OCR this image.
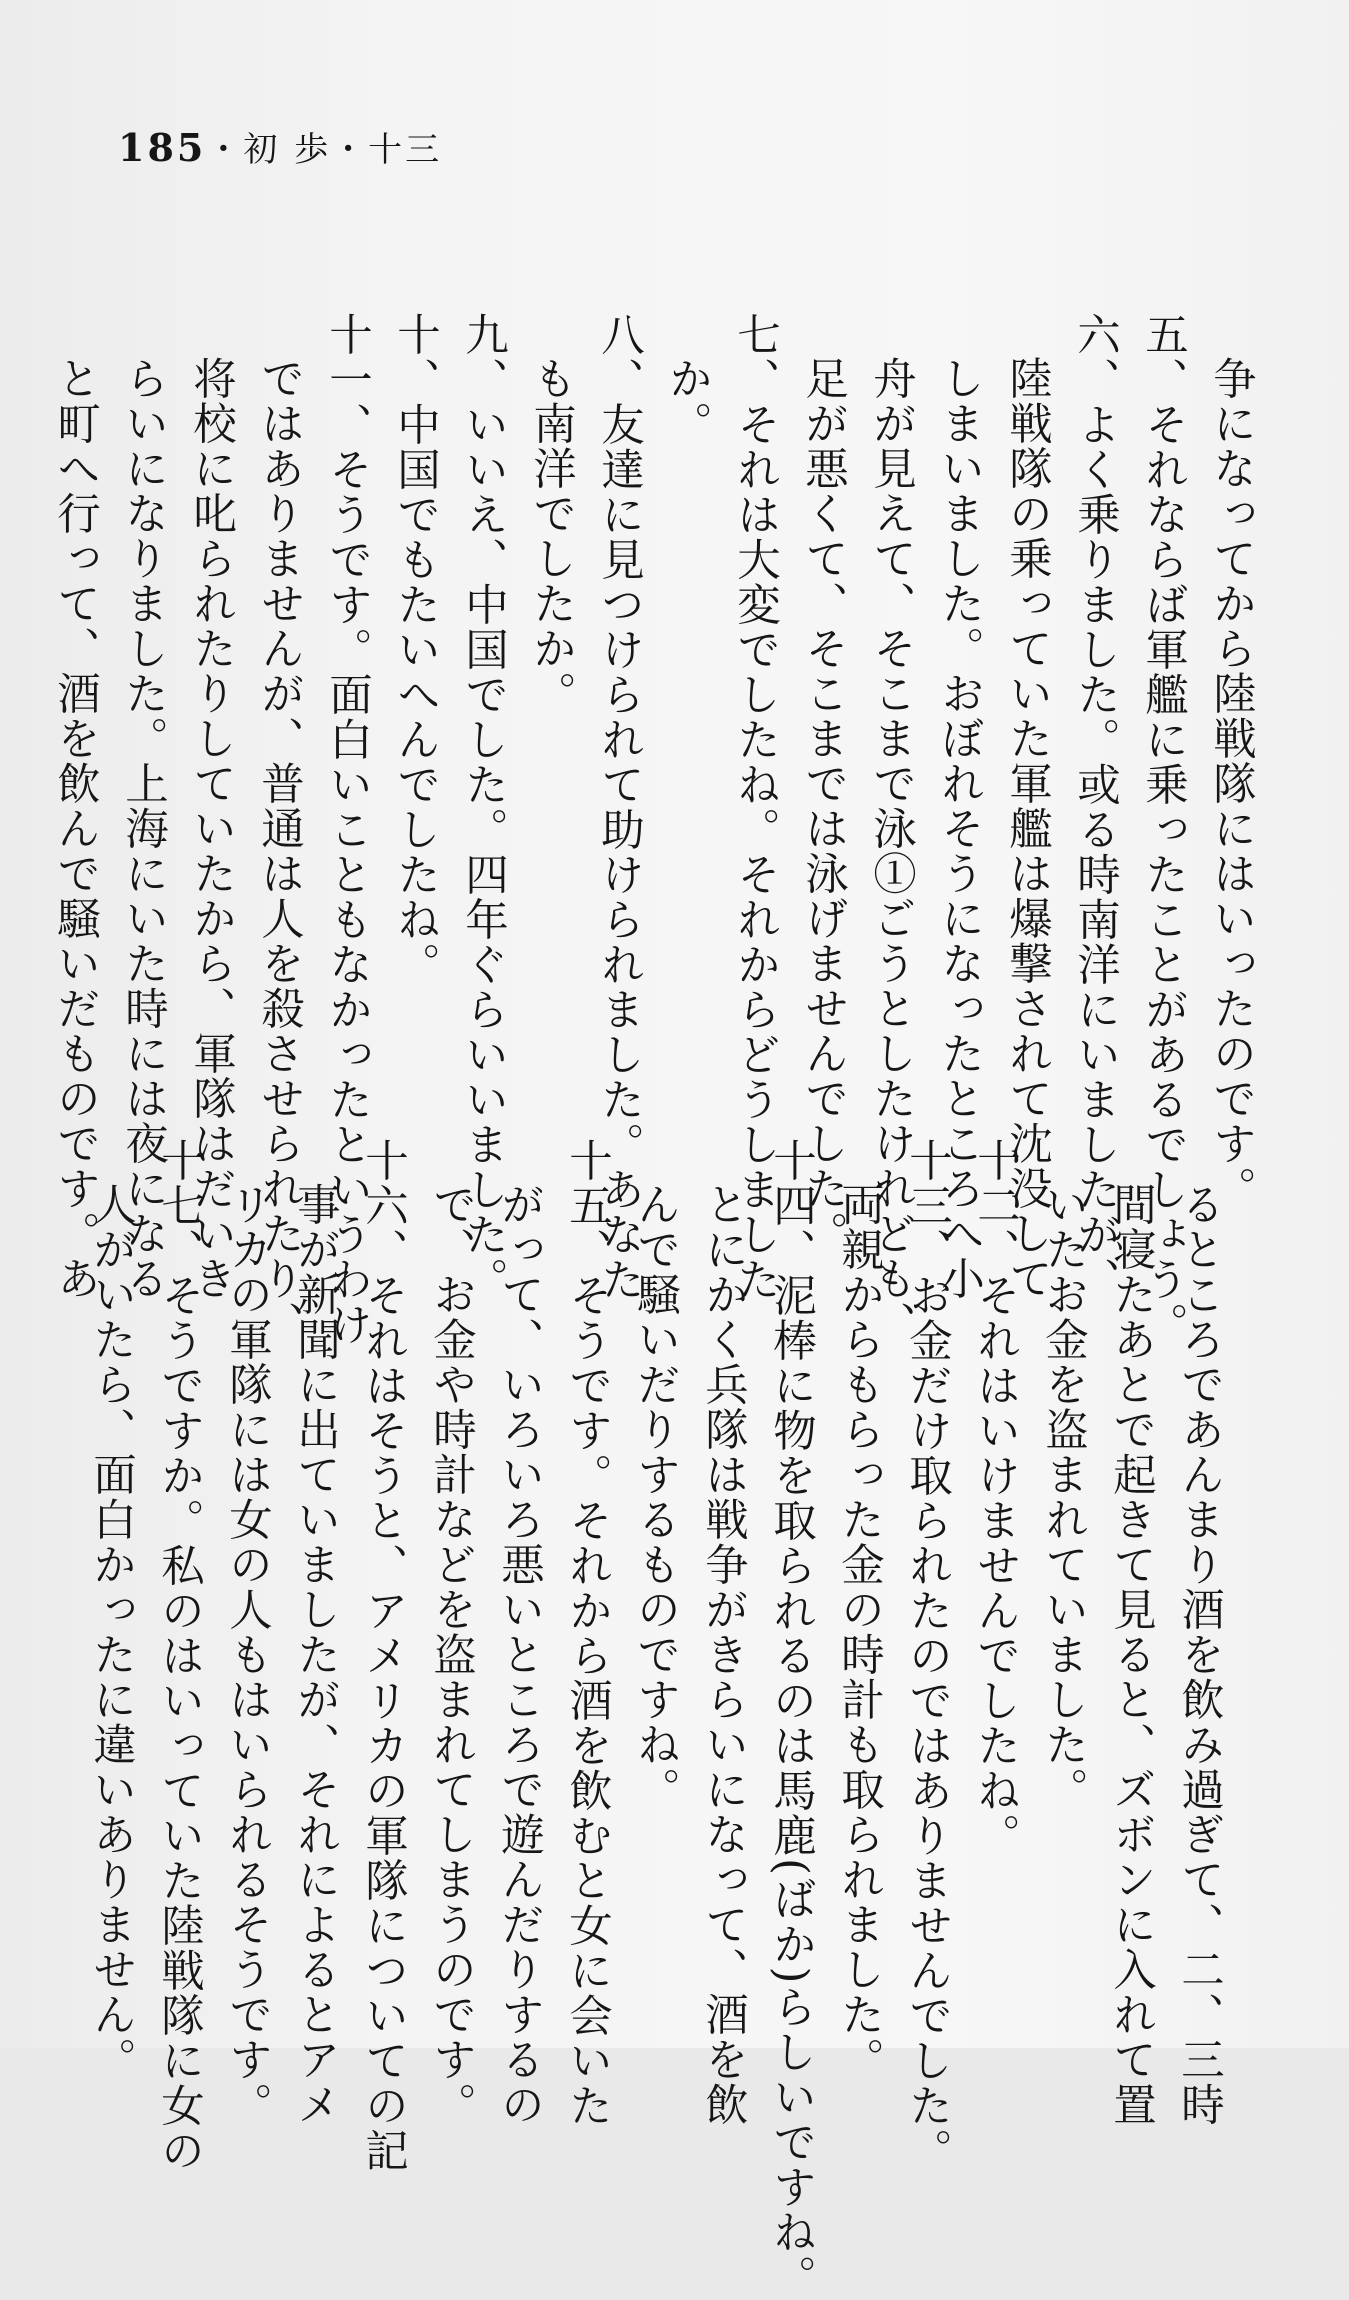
185・初 歩・十三
争になってから陸戦隊にはいったのです。
五、それならば軍艦に乗ったことがあるでしょう。
六、よく乗りました。或る時南洋にいましたが、
陸戦隊の乗っていた軍艦は爆撃されて沈没して
しまいました。おぼれそうになったところへ小
舟が見えて、そこまで泳①ごうとしたけれども、
足が悪くて、そこまでは泳げませんでした。
七、それは大変でしたね。それからどうしました
か。
八、友達に見つけられて助けられました。あなた
も南洋でしたか。
九、いいえ、中国でした。四年ぐらいいました。
十、中国でもたいへんでしたね。
十一、そうです。面白いこともなかったというわけ
ではありませんが、普通は人を殺させられたり、
将校に叱られたりしていたから、軍隊はだいき
らいになりました。上海にいた時には夜になる
と町へ行って、酒を飲んで騒いだものです。あ
るところであんまり酒を飲み過ぎて、二、三時
間寝たあとで起きて見ると、ズボンに入れて置
いたお金を盗まれていました。
十二、それはいけませんでしたね。
十三、お金だけ取られたのではありませんでした。
両親からもらった金の時計も取られました。
十四、泥棒に物を取られるのは馬鹿(ばか)らしいですね。
とにかく兵隊は戦争がきらいになって、酒を飲
んで騒いだりするものですね。
十五、そうです。それから酒を飲むと女に会いた
がって、いろいろ悪いところで遊んだりするの
で、お金や時計などを盗まれてしまうのです。
十六、それはそうと、アメリカの軍隊についての記
事が新聞に出ていましたが、それによるとアメ
リカの軍隊には女の人もはいられるそうです。
十七、そうですか。私のはいっていた陸戦隊に女の
人がいたら、面白かったに違いありません。
